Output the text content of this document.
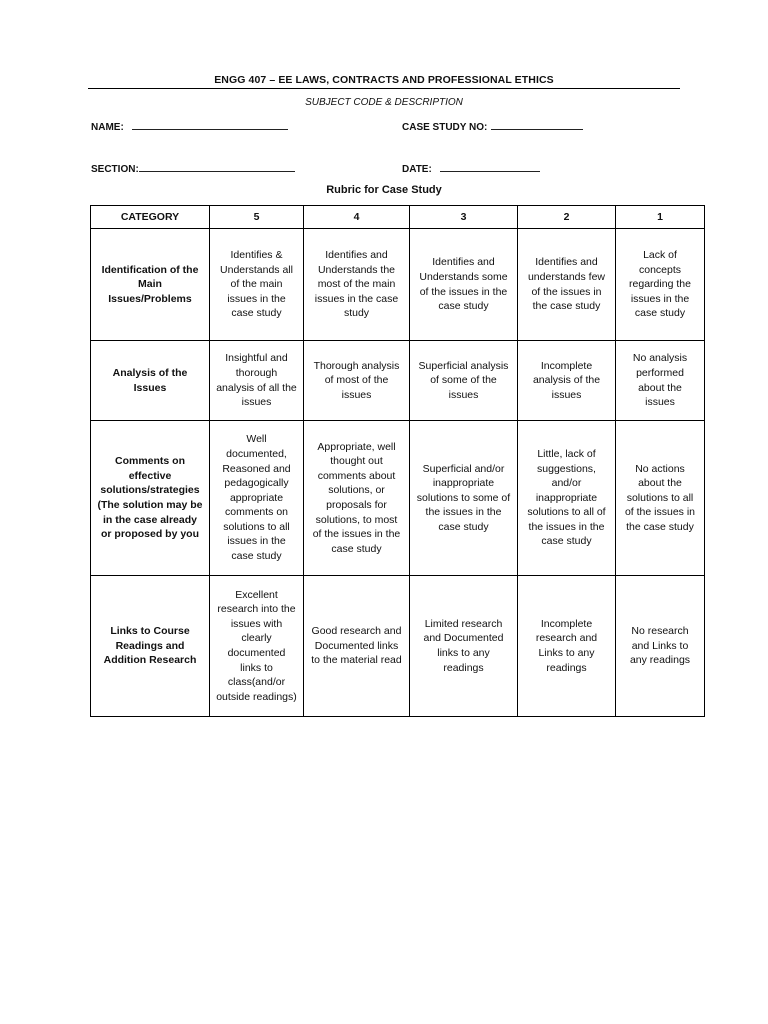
ENGG 407 – EE LAWS, CONTRACTS AND PROFESSIONAL ETHICS
SUBJECT CODE & DESCRIPTION
NAME:	CASE STUDY NO:
SECTION:	DATE:
Rubric for Case Study
CATEGORY	5	4	3	2	1
Identification of the Main Issues/Problems	Identifies & Understands all of the main issues in the case study	Identifies and Understands the most of the main issues in the case study	Identifies and Understands some of the issues in the case study	Identifies and understands few of the issues in the case study	Lack of concepts regarding the issues in the case study
Analysis of the Issues	Insightful and thorough analysis of all the issues	Thorough analysis of most of the issues	Superficial analysis of some of the issues	Incomplete analysis of the issues	No analysis performed about the issues
Comments on effective solutions/strategies (The solution may be in the case already or proposed by you	Well documented, Reasoned and pedagogically appropriate comments on solutions to all issues in the case study	Appropriate, well thought out comments about solutions, or proposals for solutions, to most of the issues in the case study	Superficial and/or inappropriate solutions to some of the issues in the case study	Little, lack of suggestions, and/or inappropriate solutions to all of the issues in the case study	No actions about the solutions to all of the issues in the case study
Links to Course Readings and Addition Research	Excellent research into the issues with clearly documented links to class(and/or outside readings)	Good research and Documented links to the material read	Limited research and Documented links to any readings	Incomplete research and Links to any readings	No research and Links to any readings
